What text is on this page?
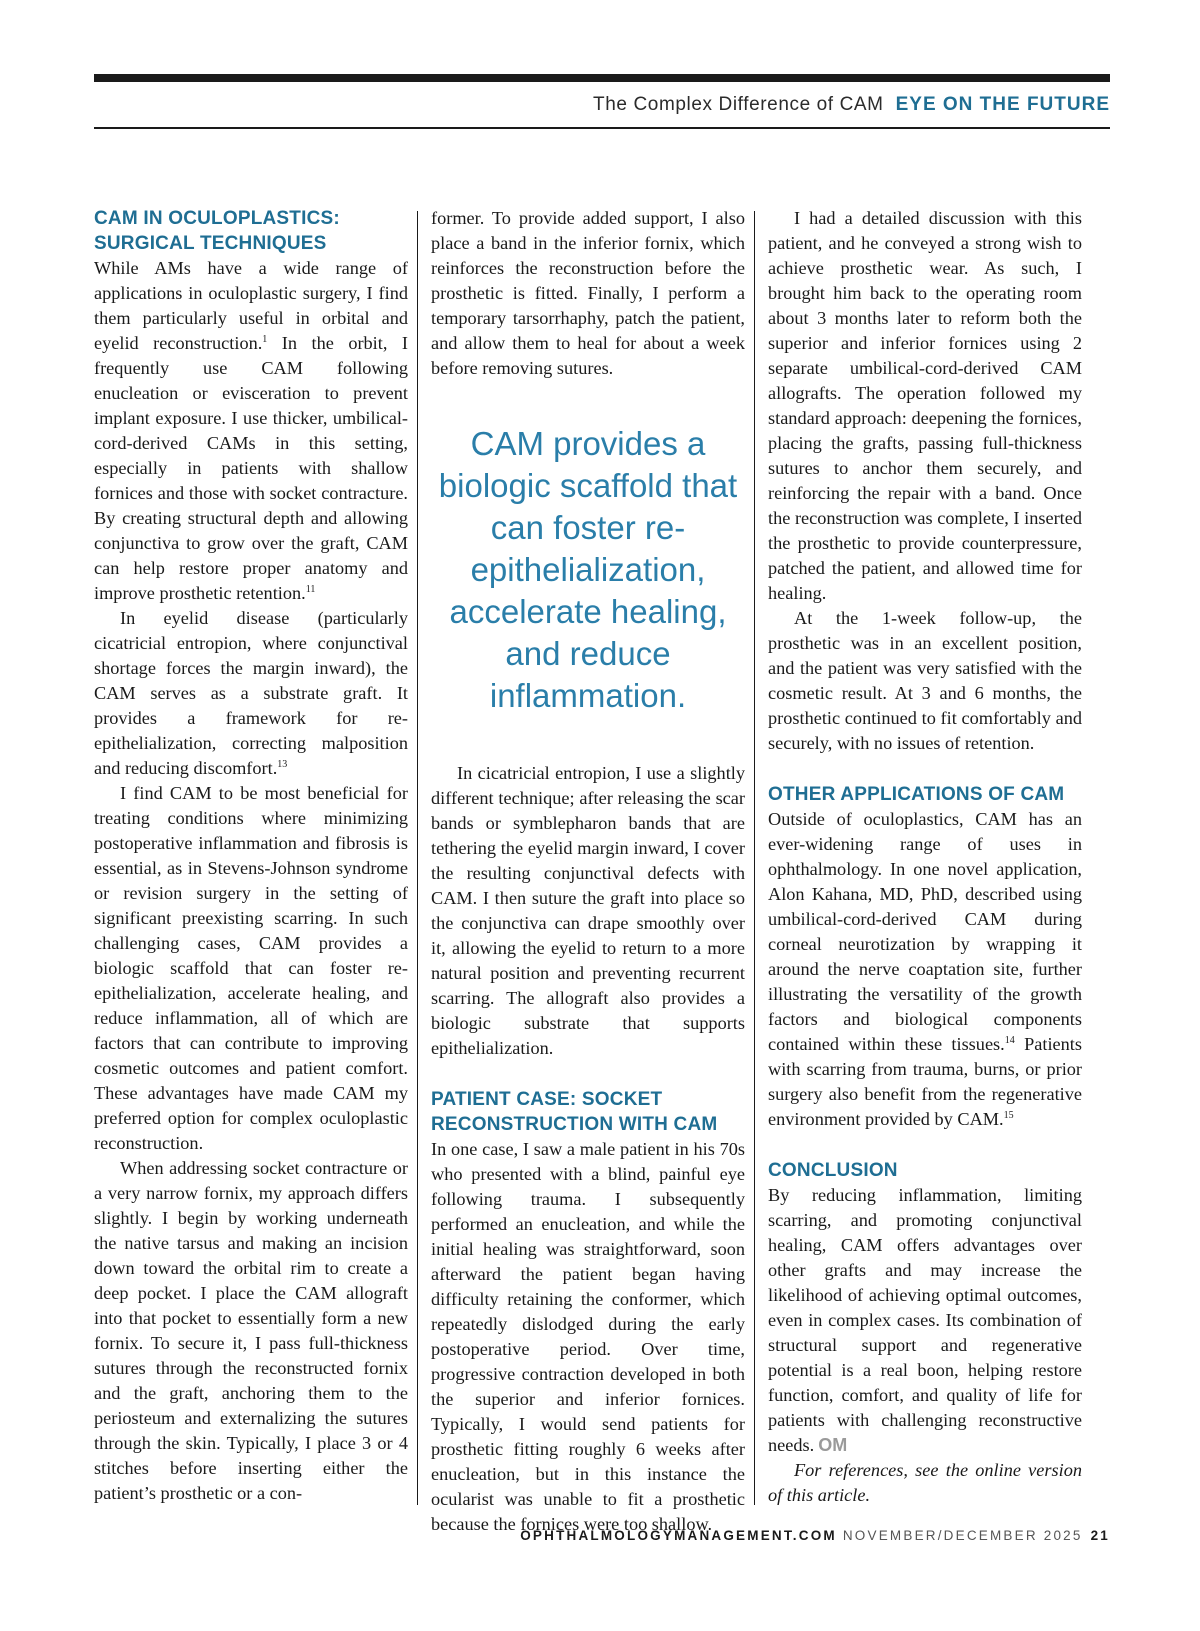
The Complex Difference of CAM EYE ON THE FUTURE
CAM IN OCULOPLASTICS:
SURGICAL TECHNIQUES

While AMs have a wide range of applications in oculoplastic surgery, I find them particularly useful in orbital and eyelid reconstruction.$^1$ In the orbit, I frequently use CAM following enucleation or evisceration to prevent implant exposure. I use thicker, umbilical-cord-derived CAMs in this setting, especially in patients with shallow fornices and those with socket contracture. By creating structural depth and allowing conjunctiva to grow over the graft, CAM can help restore proper anatomy and improve prosthetic retention.$^{11}$

In eyelid disease (particularly cicatricial entropion, where conjunctival shortage forces the margin inward), the CAM serves as a substrate graft. It provides a framework for re-epithelialization, correcting malposition and reducing discomfort.$^{13}$

I find CAM to be most beneficial for treating conditions where minimizing postoperative inflammation and fibrosis is essential, as in Stevens-Johnson syndrome or revision surgery in the setting of significant preexisting scarring. In such challenging cases, CAM provides a biologic scaffold that can foster re-epithelialization, accelerate healing, and reduce inflammation, all of which are factors that can contribute to improving cosmetic outcomes and patient comfort. These advantages have made CAM my preferred option for complex oculoplastic reconstruction.

When addressing socket contracture or a very narrow fornix, my approach differs slightly. I begin by working underneath the native tarsus and making an incision down toward the orbital rim to create a deep pocket. I place the CAM allograft into that pocket to essentially form a new fornix. To secure it, I pass full-thickness sutures through the reconstructed fornix and the graft, anchoring them to the periosteum and externalizing the sutures through the skin. Typically, I place 3 or 4 stitches before inserting either the patient’s prosthetic or a con-

former. To provide added support, I also place a band in the inferior fornix, which reinforces the reconstruction before the prosthetic is fitted. Finally, I perform a temporary tarsorrhaphy, patch the patient, and allow them to heal for about a week before removing sutures.

CAM provides a biologic scaffold that can foster re-epithelialization, accelerate healing, and reduce inflammation.

In cicatricial entropion, I use a slightly different technique; after releasing the scar bands or symblepharon bands that are tethering the eyelid margin inward, I cover the resulting conjunctival defects with CAM. I then suture the graft into place so the conjunctiva can drape smoothly over it, allowing the eyelid to return to a more natural position and preventing recurrent scarring. The allograft also provides a biologic substrate that supports epithelialization.

PATIENT CASE: SOCKET
RECONSTRUCTION WITH CAM

In one case, I saw a male patient in his 70s who presented with a blind, painful eye following trauma. I subsequently performed an enucleation, and while the initial healing was straightforward, soon afterward the patient began having difficulty retaining the conformer, which repeatedly dislodged during the early postoperative period. Over time, progressive contraction developed in both the superior and inferior fornices. Typically, I would send patients for prosthetic fitting roughly 6 weeks after enucleation, but in this instance the ocularist was unable to fit a prosthetic because the fornices were too shallow.

I had a detailed discussion with this patient, and he conveyed a strong wish to achieve prosthetic wear. As such, I brought him back to the operating room about 3 months later to reform both the superior and inferior fornices using 2 separate umbilical-cord-derived CAM allografts. The operation followed my standard approach: deepening the fornices, placing the grafts, passing full-thickness sutures to anchor them securely, and reinforcing the repair with a band. Once the reconstruction was complete, I inserted the prosthetic to provide counterpressure, patched the patient, and allowed time for healing.

At the 1-week follow-up, the prosthetic was in an excellent position, and the patient was very satisfied with the cosmetic result. At 3 and 6 months, the prosthetic continued to fit comfortably and securely, with no issues of retention.

OTHER APPLICATIONS OF CAM

Outside of oculoplastics, CAM has an ever-widening range of uses in ophthalmology. In one novel application, Alon Kahana, MD, PhD, described using umbilical-cord-derived CAM during corneal neurotization by wrapping it around the nerve coaptation site, further illustrating the versatility of the growth factors and biological components contained within these tissues.$^{14}$ Patients with scarring from trauma, burns, or prior surgery also benefit from the regenerative environment provided by CAM.$^{15}$

CONCLUSION

By reducing inflammation, limiting scarring, and promoting conjunctival healing, CAM offers advantages over other grafts and may increase the likelihood of achieving optimal outcomes, even in complex cases. Its combination of structural support and regenerative potential is a real boon, helping restore function, comfort, and quality of life for patients with challenging reconstructive needs. OM

For references, see the online version of this article.

OPHTHALMOLOGYMANAGEMENT.COM NOVEMBER/DECEMBER 2025 21
